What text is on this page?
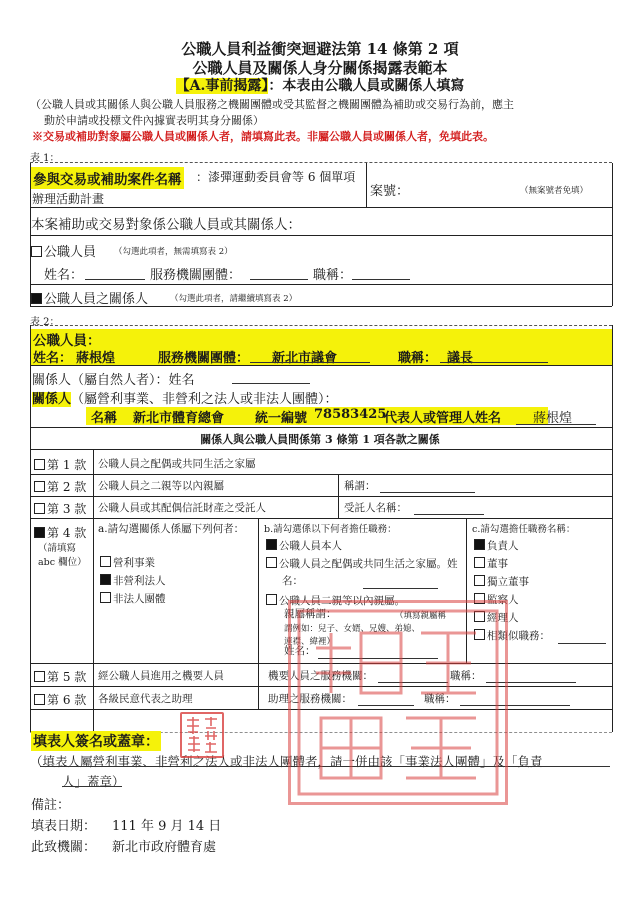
公職人員利益衝突迴避法第 14 條第 2 項
公職人員及關係人身分關係揭露表範本
【A.事前揭露】：本表由公職人員或關係人填寫
（公職人員或其關係人與公職人員服務之機關團體或受其監督之機關團體為補助或交易行為前，應主
動於申請或投標文件內據實表明其身分關係）
※交易或補助對象屬公職人員或關係人者，請填寫此表。非屬公職人員或關係人者，免填此表。
表 1：
參與交易或補助案件名稱 ：漆彈運動委員會等 6 個單項
辦理活動計畫	案號：	（無案號者免填）
本案補助或交易對象係公職人員或其關係人：
公職人員 （勾選此項者，無需填寫表 2）
姓名：	服務機關團體：	職稱：
公職人員之關係人	（勾選此項者，請繼續填寫表 2）
表 2：
公職人員：
姓名： 蔣根煌	服務機關團體： 新北市議會	職稱： 議長
關係人（屬自然人者）：姓名
關係人（屬營利事業、非營利之法人或非法人團體）：
名稱 新北市體育總會 統一編號 78583425
代表人或管理人姓名 蔣根煌
關係人與公職人員間係第 3 條第 1 項各款之關係
第 1 款 公職人員之配偶或共同生活之家屬
第 2 款 公職人員之二親等以內親屬	稱謂：
第 3 款 公職人員或其配偶信託財產之受託人	受託人名稱：
第 4 款
（請填寫 abc 欄位）
a.請勾選關係人係屬下列何者：
營利事業
非營利法人
非法人團體
b.請勾選係以下何者擔任職務：
公職人員本人
公職人員之配偶或共同生活之家屬。姓名：
公職人員二親等以內親屬。
親屬稱謂：	（填寫親屬稱
謂例如：兒子、女婿、兄嫂、弟媳、
連襟、緯裡）
姓名：
c.請勾選擔任職務名稱：
負責人
董事
獨立董事
監察人
經理人
相類似職務：
第 5 款 經公職人員進用之機要人員	機要人員之服務機關：	職稱：
第 6 款 各級民意代表之助理	助理之服務機關：	職稱：
填表人簽名或蓋章：
（填表人屬營利事業、非營利之法人或非法人團體者，請一併由該「事業法人團體」及「負責
人」蓋章）
備註：
填表日期： 111 年 9 月 14 日
此致機關： 新北市政府體育處
